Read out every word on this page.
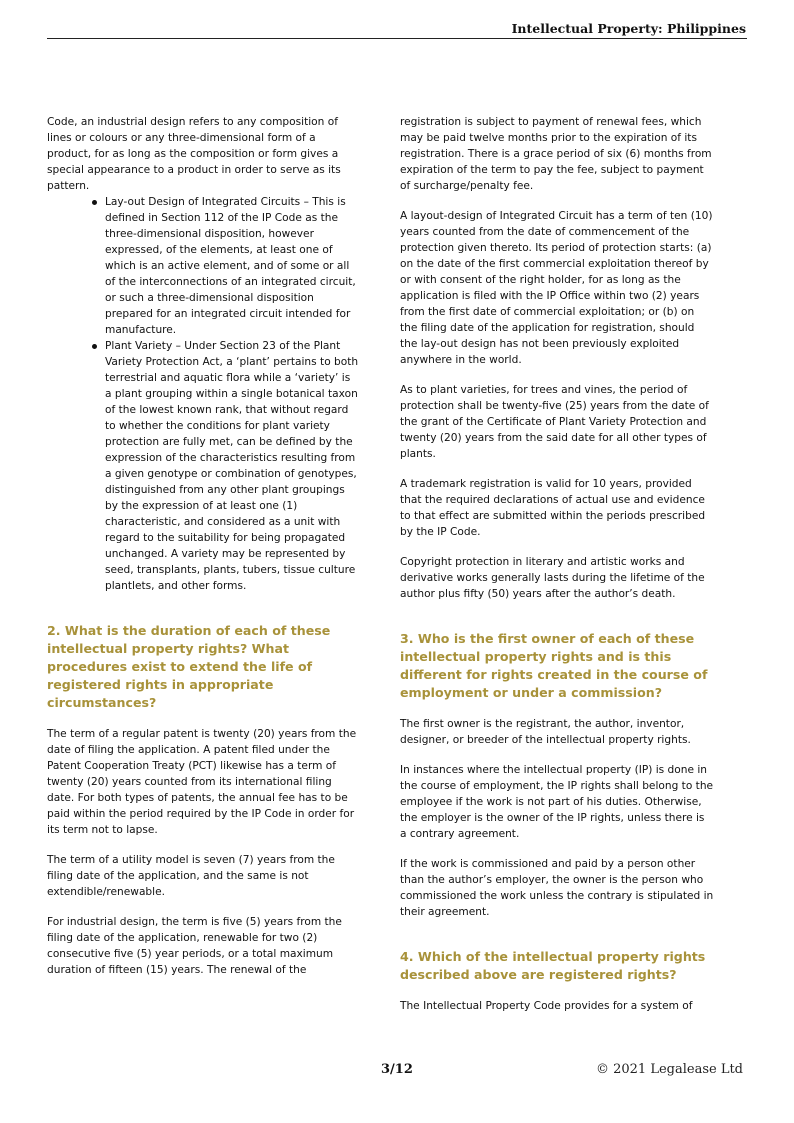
Intellectual Property: Philippines

Code, an industrial design refers to any composition of lines or colours or any three-dimensional form of a product, for as long as the composition or form gives a special appearance to a product in order to serve as its pattern.

Lay-out Design of Integrated Circuits – This is defined in Section 112 of the IP Code as the three-dimensional disposition, however expressed, of the elements, at least one of which is an active element, and of some or all of the interconnections of an integrated circuit, or such a three-dimensional disposition prepared for an integrated circuit intended for manufacture.
Plant Variety – Under Section 23 of the Plant Variety Protection Act, a ‘plant’ pertains to both terrestrial and aquatic flora while a ‘variety’ is a plant grouping within a single botanical taxon of the lowest known rank, that without regard to whether the conditions for plant variety protection are fully met, can be defined by the expression of the characteristics resulting from a given genotype or combination of genotypes, distinguished from any other plant groupings by the expression of at least one (1) characteristic, and considered as a unit with regard to the suitability for being propagated unchanged. A variety may be represented by seed, transplants, plants, tubers, tissue culture plantlets, and other forms.
2. What is the duration of each of these intellectual property rights? What procedures exist to extend the life of registered rights in appropriate circumstances?

The term of a regular patent is twenty (20) years from the date of filing the application. A patent filed under the Patent Cooperation Treaty (PCT) likewise has a term of twenty (20) years counted from its international filing date. For both types of patents, the annual fee has to be paid within the period required by the IP Code in order for its term not to lapse.

The term of a utility model is seven (7) years from the filing date of the application, and the same is not extendible/renewable.

For industrial design, the term is five (5) years from the filing date of the application, renewable for two (2) consecutive five (5) year periods, or a total maximum duration of fifteen (15) years. The renewal of the

registration is subject to payment of renewal fees, which may be paid twelve months prior to the expiration of its registration. There is a grace period of six (6) months from expiration of the term to pay the fee, subject to payment of surcharge/penalty fee.

A layout-design of Integrated Circuit has a term of ten (10) years counted from the date of commencement of the protection given thereto. Its period of protection starts: (a) on the date of the first commercial exploitation thereof by or with consent of the right holder, for as long as the application is filed with the IP Office within two (2) years from the first date of commercial exploitation; or (b) on the filing date of the application for registration, should the lay-out design has not been previously exploited anywhere in the world.

As to plant varieties, for trees and vines, the period of protection shall be twenty-five (25) years from the date of the grant of the Certificate of Plant Variety Protection and twenty (20) years from the said date for all other types of plants.

A trademark registration is valid for 10 years, provided that the required declarations of actual use and evidence to that effect are submitted within the periods prescribed by the IP Code.

Copyright protection in literary and artistic works and derivative works generally lasts during the lifetime of the author plus fifty (50) years after the author’s death.

3. Who is the first owner of each of these intellectual property rights and is this different for rights created in the course of employment or under a commission?

The first owner is the registrant, the author, inventor, designer, or breeder of the intellectual property rights.

In instances where the intellectual property (IP) is done in the course of employment, the IP rights shall belong to the employee if the work is not part of his duties. Otherwise, the employer is the owner of the IP rights, unless there is a contrary agreement.

If the work is commissioned and paid by a person other than the author’s employer, the owner is the person who commissioned the work unless the contrary is stipulated in their agreement.

4. Which of the intellectual property rights described above are registered rights?

The Intellectual Property Code provides for a system of

3/12	© 2021 Legalease Ltd
